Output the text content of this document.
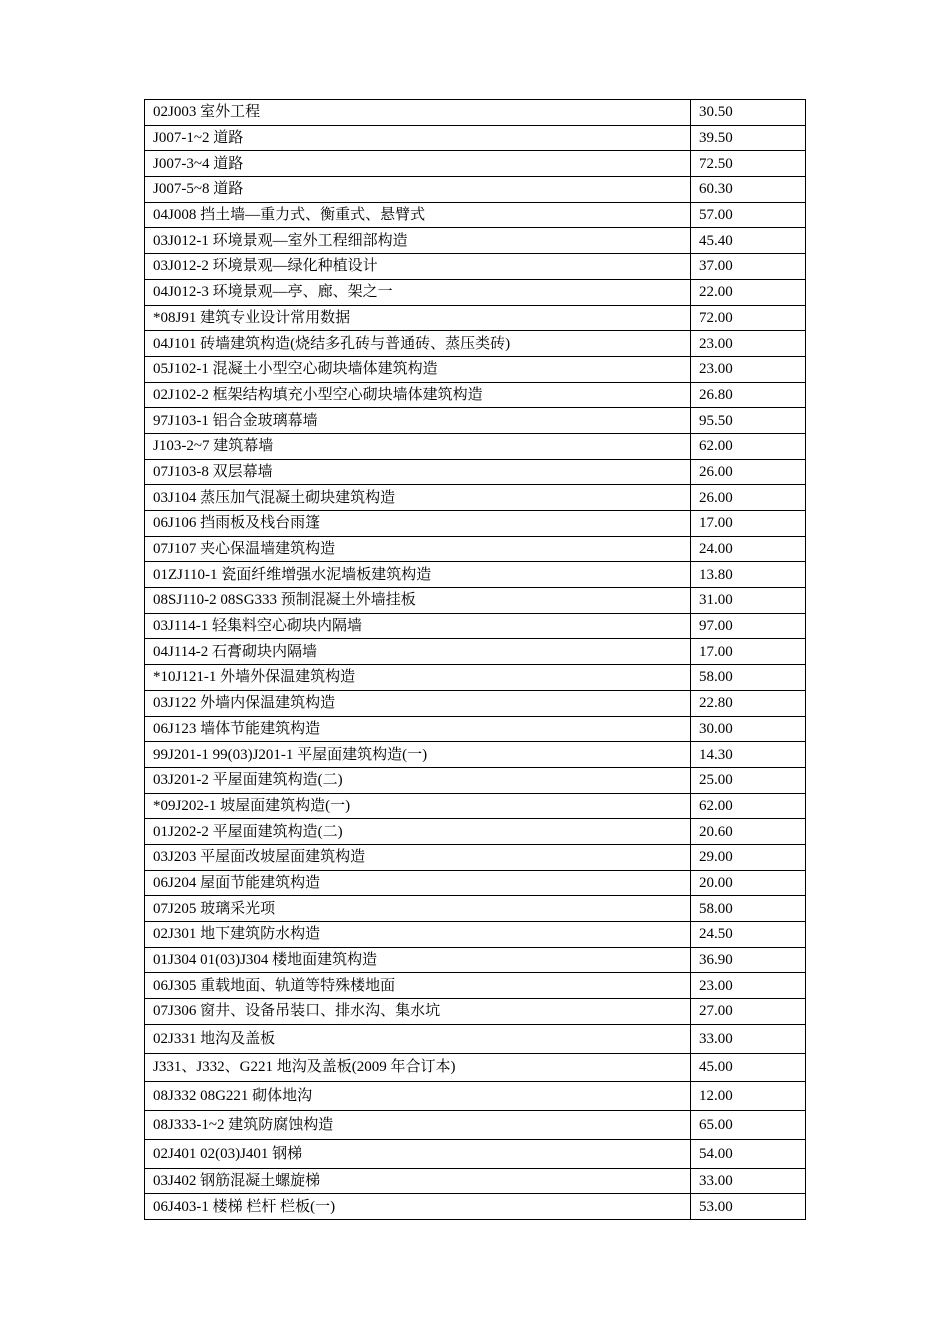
02J003 室外工程	30.50
J007-1~2 道路	39.50
J007-3~4 道路	72.50
J007-5~8 道路	60.30
04J008 挡土墙—重力式、衡重式、悬臂式	57.00
03J012-1 环境景观—室外工程细部构造	45.40
03J012-2 环境景观—绿化种植设计	37.00
04J012-3 环境景观—亭、廊、架之一	22.00
*08J91 建筑专业设计常用数据	72.00
04J101 砖墙建筑构造(烧结多孔砖与普通砖、蒸压类砖)	23.00
05J102-1 混凝土小型空心砌块墙体建筑构造	23.00
02J102-2 框架结构填充小型空心砌块墙体建筑构造	26.80
97J103-1 铝合金玻璃幕墙	95.50
J103-2~7 建筑幕墙	62.00
07J103-8 双层幕墙	26.00
03J104 蒸压加气混凝土砌块建筑构造	26.00
06J106 挡雨板及栈台雨篷	17.00
07J107 夹心保温墙建筑构造	24.00
01ZJ110-1 瓷面纤维增强水泥墙板建筑构造	13.80
08SJ110-2 08SG333 预制混凝土外墙挂板	31.00
03J114-1 轻集料空心砌块内隔墙	97.00
04J114-2 石膏砌块内隔墙	17.00
*10J121-1 外墙外保温建筑构造	58.00
03J122 外墙内保温建筑构造	22.80
06J123 墙体节能建筑构造	30.00
99J201-1 99(03)J201-1 平屋面建筑构造(一)	14.30
03J201-2 平屋面建筑构造(二)	25.00
*09J202-1 坡屋面建筑构造(一)	62.00
01J202-2 平屋面建筑构造(二)	20.60
03J203 平屋面改坡屋面建筑构造	29.00
06J204 屋面节能建筑构造	20.00
07J205 玻璃采光项	58.00
02J301 地下建筑防水构造	24.50
01J304 01(03)J304 楼地面建筑构造	36.90
06J305 重载地面、轨道等特殊楼地面	23.00
07J306 窗井、设备吊装口、排水沟、集水坑	27.00
02J331 地沟及盖板	33.00
J331、J332、G221 地沟及盖板(2009 年合订本)	45.00
08J332 08G221 砌体地沟	12.00
08J333-1~2 建筑防腐蚀构造	65.00
02J401 02(03)J401 钢梯	54.00
03J402 钢筋混凝土螺旋梯	33.00
06J403-1 楼梯 栏杆 栏板(一)	53.00
